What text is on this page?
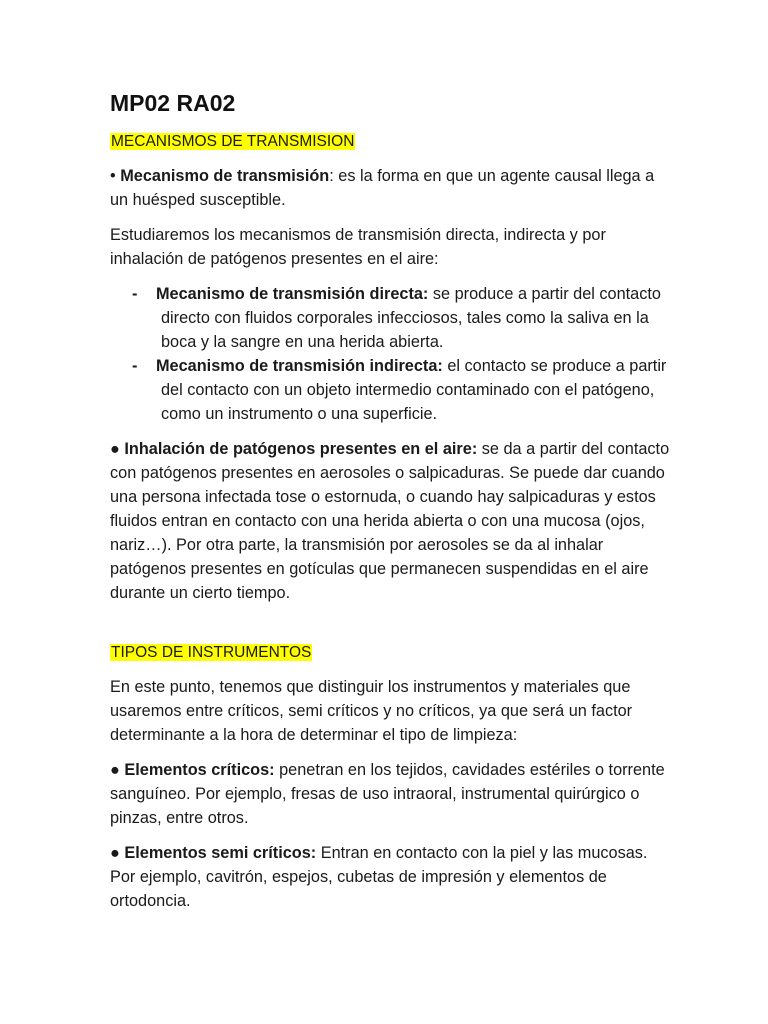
MP02 RA02
MECANISMOS DE TRANSMISION

• Mecanismo de transmisión: es la forma en que un agente causal llega a un huésped susceptible.

Estudiaremos los mecanismos de transmisión directa, indirecta y por inhalación de patógenos presentes en el aire:

- Mecanismo de transmisión directa: se produce a partir del contacto directo con fluidos corporales infecciosos, tales como la saliva en la boca y la sangre en una herida abierta.
- Mecanismo de transmisión indirecta: el contacto se produce a partir del contacto con un objeto intermedio contaminado con el patógeno, como un instrumento o una superficie.

● Inhalación de patógenos presentes en el aire: se da a partir del contacto con patógenos presentes en aerosoles o salpicaduras. Se puede dar cuando una persona infectada tose o estornuda, o cuando hay salpicaduras y estos fluidos entran en contacto con una herida abierta o con una mucosa (ojos, nariz…). Por otra parte, la transmisión por aerosoles se da al inhalar patógenos presentes en gotículas que permanecen suspendidas en el aire durante un cierto tiempo.

TIPOS DE INSTRUMENTOS

En este punto, tenemos que distinguir los instrumentos y materiales que usaremos entre críticos, semi críticos y no críticos, ya que será un factor determinante a la hora de determinar el tipo de limpieza:

● Elementos críticos: penetran en los tejidos, cavidades estériles o torrente sanguíneo. Por ejemplo, fresas de uso intraoral, instrumental quirúrgico o pinzas, entre otros.

● Elementos semi críticos: Entran en contacto con la piel y las mucosas. Por ejemplo, cavitrón, espejos, cubetas de impresión y elementos de ortodoncia.
